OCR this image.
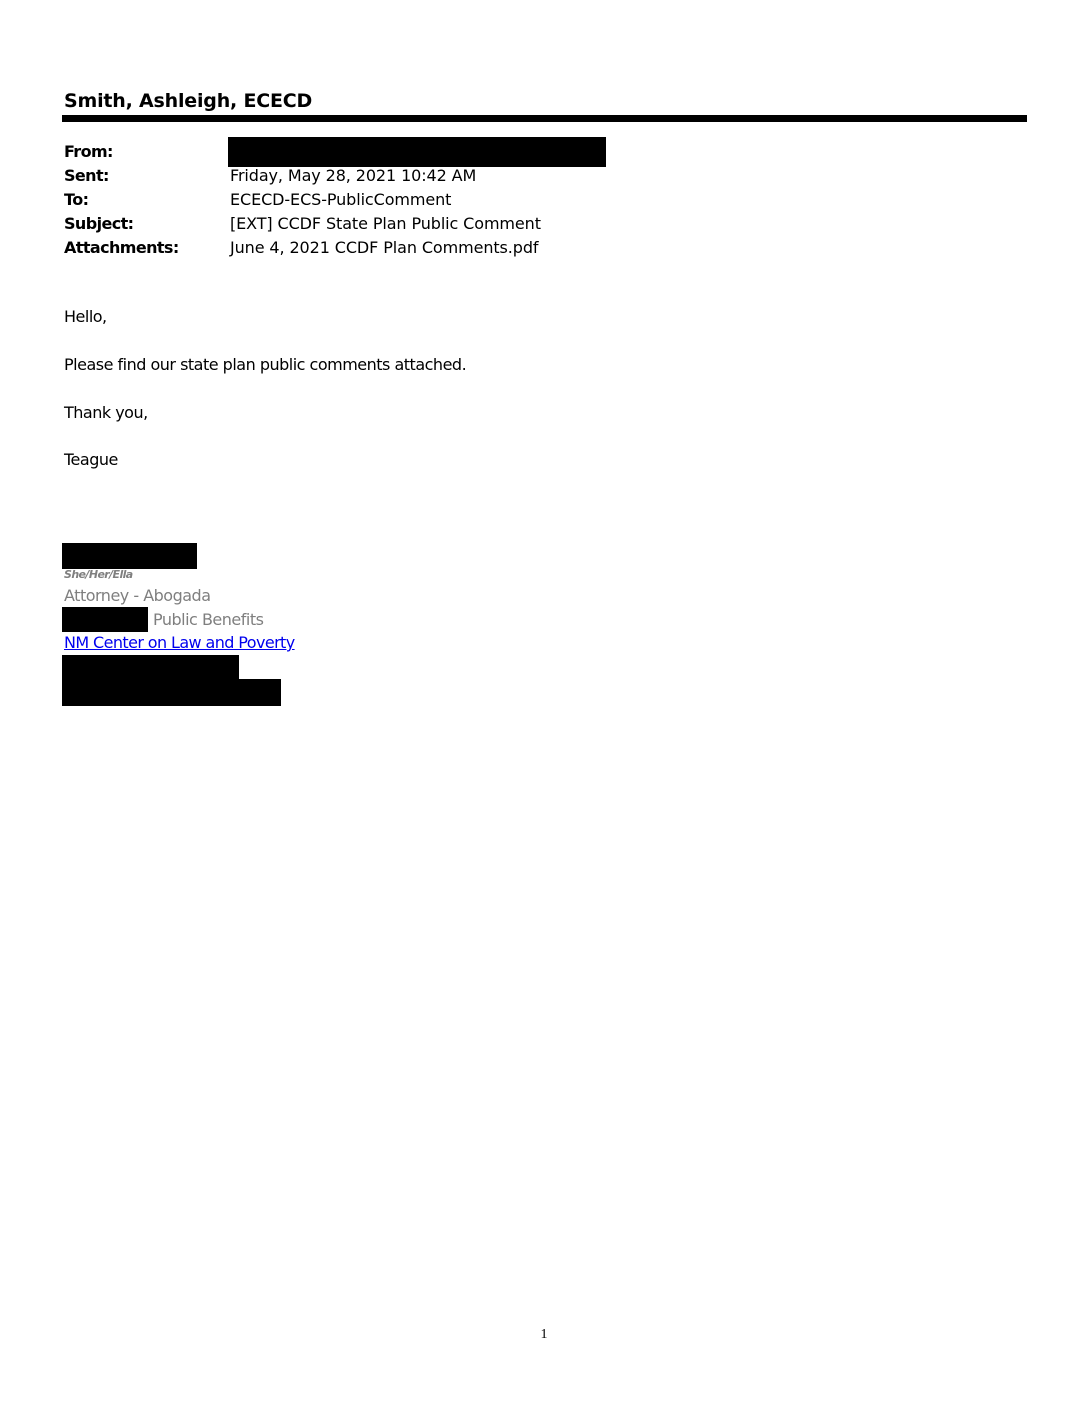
Smith, Ashleigh, ECECD
From:
Sent:	Friday, May 28, 2021 10:42 AM
To:	ECECD-ECS-PublicComment
Subject:	[EXT] CCDF State Plan Public Comment
Attachments:	June 4, 2021 CCDF Plan Comments.pdf
Hello,
Please find our state plan public comments attached.
Thank you,
Teague
She/Her/Ella
Attorney - Abogada
Public Benefits
NM Center on Law and Poverty
1
